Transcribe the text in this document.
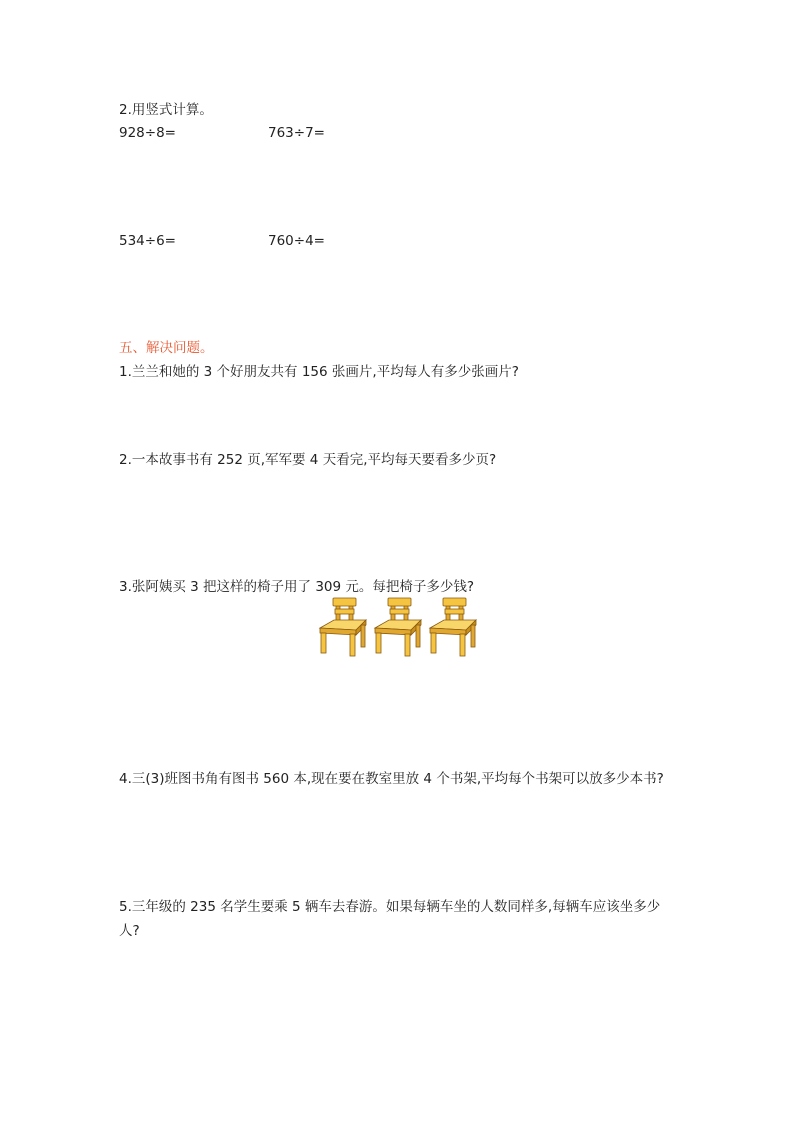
2.用竖式计算。
928÷8=	763÷7=
534÷6=	760÷4=
五、解决问题。
1.兰兰和她的 3 个好朋友共有 156 张画片,平均每人有多少张画片?
2.一本故事书有 252 页,军军要 4 天看完,平均每天要看多少页?
3.张阿姨买 3 把这样的椅子用了 309 元。每把椅子多少钱?
4.三(3)班图书角有图书 560 本,现在要在教室里放 4 个书架,平均每个书架可以放多少本书?
5.三年级的 235 名学生要乘 5 辆车去春游。如果每辆车坐的人数同样多,每辆车应该坐多少人?
